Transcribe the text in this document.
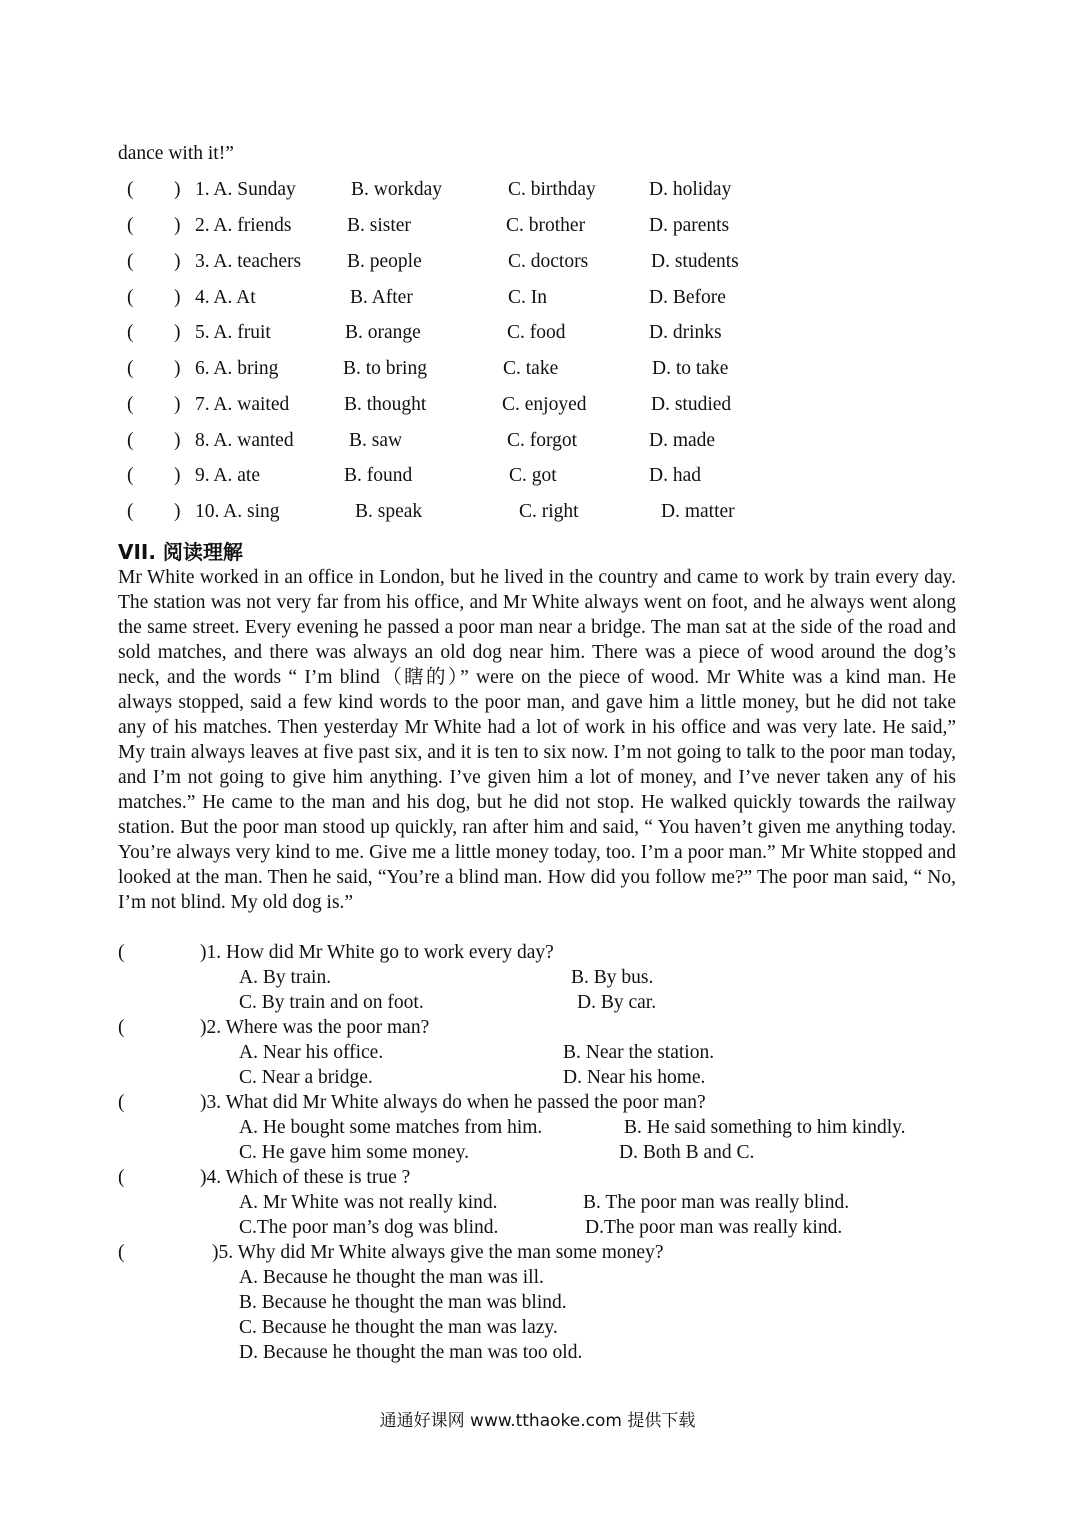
dance with it!”
( ) 1. A. Sunday	B. workday	C. birthday	D. holiday
( ) 2. A. friends	B. sister	C. brother	D. parents
( ) 3. A. teachers B. people	C. doctors	D. students
( ) 4. A. At	B. After	C. In	D. Before
( ) 5. A. fruit	B. orange	C. food	D. drinks
( ) 6. A. bring	B. to bring	C. take	D. to take
( ) 7. A. waited	B. thought	C. enjoyed	D. studied
( ) 8. A. wanted	B. saw	C. forgot	D. made
( ) 9. A. ate	B. found	C. got	D. had
( ) 10. A. sing	B. speak	C. right	D. matter
VII. 阅读理解

Mr White worked in an office in London, but he lived in the country and came to work by train every day. The station was not very far from his office, and Mr White always went on foot, and he always went along the same street. Every evening he passed a poor man near a bridge. The man sat at the side of the road and sold matches, and there was always an old dog near him. There was a piece of wood around the dog’s neck, and the words “ I’m blind（瞎的）” were on the piece of wood. Mr White was a kind man. He always stopped, said a few kind words to the poor man, and gave him a little money, but he did not take any of his matches. Then yesterday Mr White had a lot of work in his office and was very late. He said,” My train always leaves at five past six, and it is ten to six now. I’m not going to talk to the poor man today, and I’m not going to give him anything. I’ve given him a lot of money, and I’ve never taken any of his matches.” He came to the man and his dog, but he did not stop. He walked quickly towards the railway station. But the poor man stood up quickly, ran after him and said, “ You haven’t given me anything today. You’re always very kind to me. Give me a little money today, too. I’m a poor man.” Mr White stopped and looked at the man. Then he said, “You’re a blind man. How did you follow me?” The poor man said, “ No, I’m not blind. My old dog is.”

(	)1. How did Mr White go to work every day?
A. By train.	B. By bus.
C. By train and on foot.	D. By car.
(	)2. Where was the poor man?
A. Near his office.	B. Near the station.
C. Near a bridge.	D. Near his home.
(	)3. What did Mr White always do when he passed the poor man?
A. He bought some matches from him.	B. He said something to him kindly.
C. He gave him some money.	D. Both B and C.
(	)4. Which of these is true ?
A. Mr White was not really kind.	B. The poor man was really blind.
C.The poor man’s dog was blind.	D.The poor man was really kind.
(	)5. Why did Mr White always give the man some money?
A. Because he thought the man was ill.
B. Because he thought the man was blind.
C. Because he thought the man was lazy.
D. Because he thought the man was too old.
通通好课网 www.tthaoke.com 提供下载
